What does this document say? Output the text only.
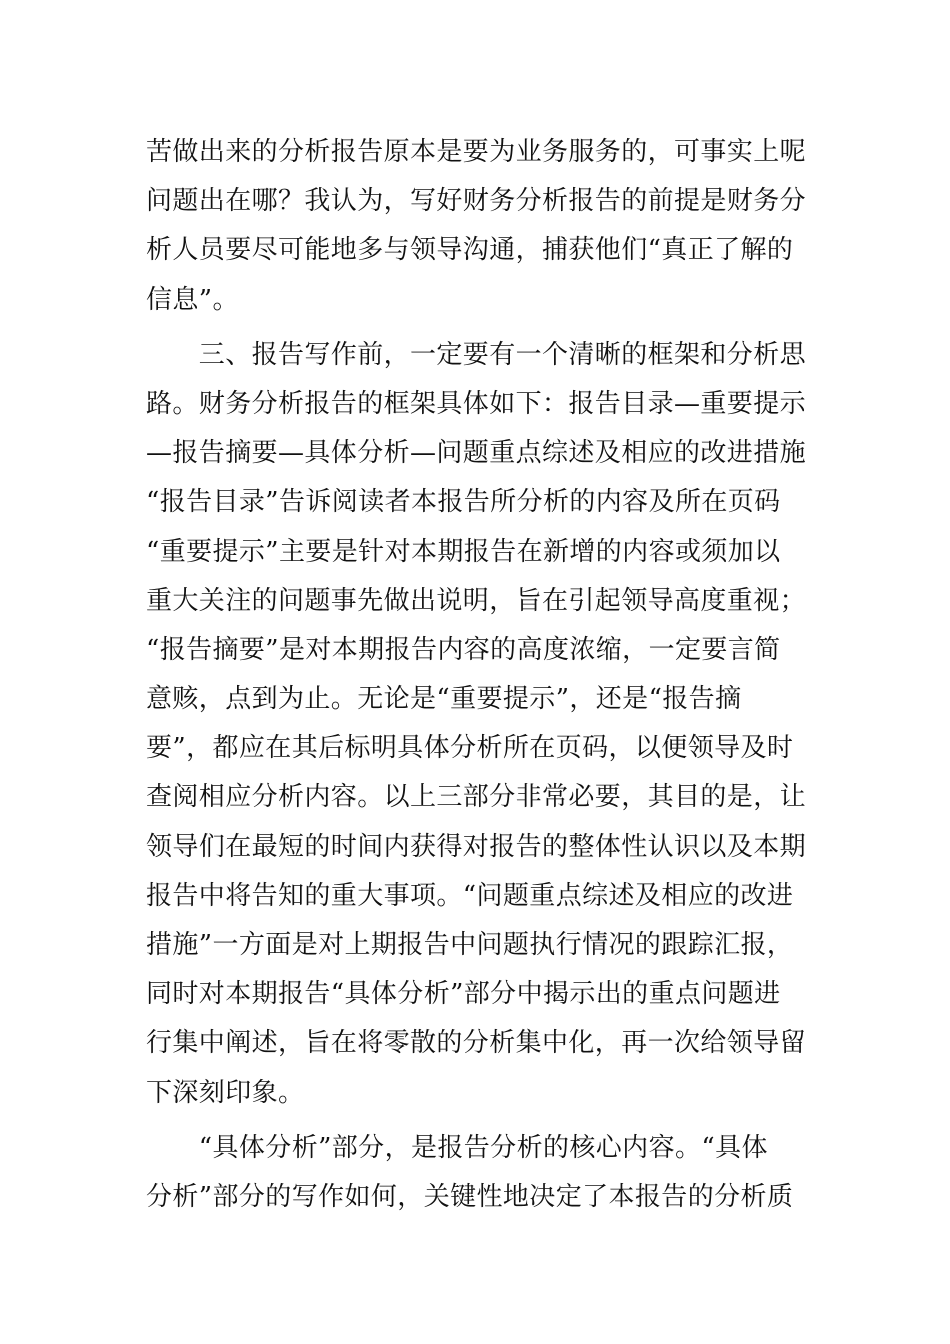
苦做出来的分析报告原本是要为业务服务的，可事实上呢
问题出在哪？我认为，写好财务分析报告的前提是财务分
析人员要尽可能地多与领导沟通，捕获他们“真正了解的
信息”。
　　三、报告写作前，一定要有一个清晰的框架和分析思
路。财务分析报告的框架具体如下：报告目录—重要提示
—报告摘要—具体分析—问题重点综述及相应的改进措施
“报告目录”告诉阅读者本报告所分析的内容及所在页码
“重要提示”主要是针对本期报告在新增的内容或须加以
重大关注的问题事先做出说明，旨在引起领导高度重视；
“报告摘要”是对本期报告内容的高度浓缩，一定要言简
意赅，点到为止。无论是“重要提示”，还是“报告摘
要”，都应在其后标明具体分析所在页码，以便领导及时
查阅相应分析内容。以上三部分非常必要，其目的是，让
领导们在最短的时间内获得对报告的整体性认识以及本期
报告中将告知的重大事项。“问题重点综述及相应的改进
措施”一方面是对上期报告中问题执行情况的跟踪汇报，
同时对本期报告“具体分析”部分中揭示出的重点问题进
行集中阐述，旨在将零散的分析集中化，再一次给领导留
下深刻印象。
　　“具体分析”部分，是报告分析的核心内容。“具体
分析”部分的写作如何，关键性地决定了本报告的分析质
